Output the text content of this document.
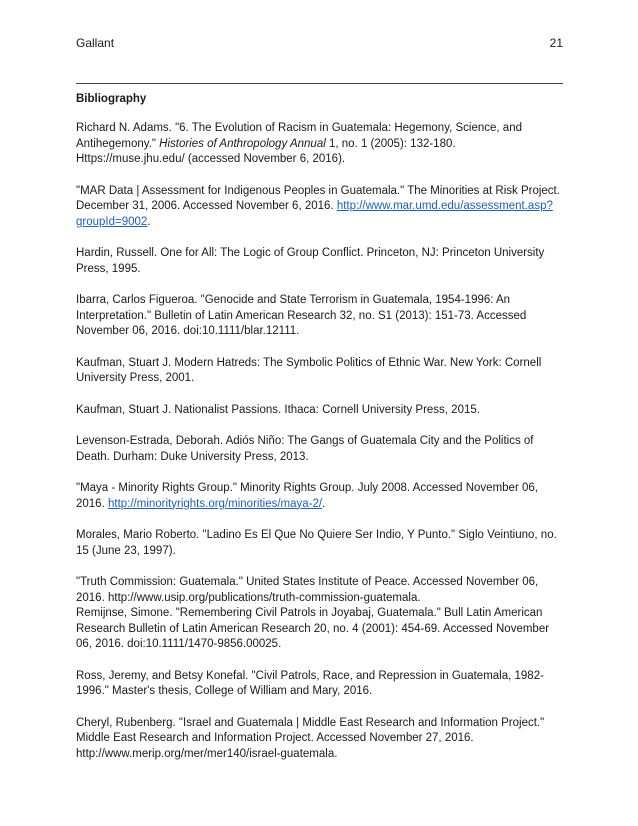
Gallant	21
Bibliography

Richard N. Adams. "6. The Evolution of Racism in Guatemala: Hegemony, Science, and Antihegemony." Histories of Anthropology Annual 1, no. 1 (2005): 132-180. Https://muse.jhu.edu/ (accessed November 6, 2016).

"MAR Data | Assessment for Indigenous Peoples in Guatemala." The Minorities at Risk Project. December 31, 2006. Accessed November 6, 2016. http://www.mar.umd.edu/assessment.asp?groupId=9002.

Hardin, Russell. One for All: The Logic of Group Conflict. Princeton, NJ: Princeton University Press, 1995.

Ibarra, Carlos Figueroa. "Genocide and State Terrorism in Guatemala, 1954-1996: An Interpretation." Bulletin of Latin American Research 32, no. S1 (2013): 151-73. Accessed November 06, 2016. doi:10.1111/blar.12111.

Kaufman, Stuart J. Modern Hatreds: The Symbolic Politics of Ethnic War. New York: Cornell University Press, 2001.

Kaufman, Stuart J. Nationalist Passions. Ithaca: Cornell University Press, 2015.

Levenson-Estrada, Deborah. Adiós Niño: The Gangs of Guatemala City and the Politics of Death. Durham: Duke University Press, 2013.

"Maya - Minority Rights Group." Minority Rights Group. July 2008. Accessed November 06, 2016. http://minorityrights.org/minorities/maya-2/.

Morales, Mario Roberto. "Ladino Es El Que No Quiere Ser Indio, Y Punto." Siglo Veintiuno, no. 15 (June 23, 1997).

"Truth Commission: Guatemala." United States Institute of Peace. Accessed November 06, 2016. http://www.usip.org/publications/truth-commission-guatemala.

Remijnse, Simone. "Remembering Civil Patrols in Joyabaj, Guatemala." Bull Latin American Research Bulletin of Latin American Research 20, no. 4 (2001): 454-69. Accessed November 06, 2016. doi:10.1111/1470-9856.00025.

Ross, Jeremy, and Betsy Konefal. "Civil Patrols, Race, and Repression in Guatemala, 1982-1996." Master's thesis, College of William and Mary, 2016.

Cheryl, Rubenberg. "Israel and Guatemala | Middle East Research and Information Project." Middle East Research and Information Project. Accessed November 27, 2016. http://www.merip.org/mer/mer140/israel-guatemala.
